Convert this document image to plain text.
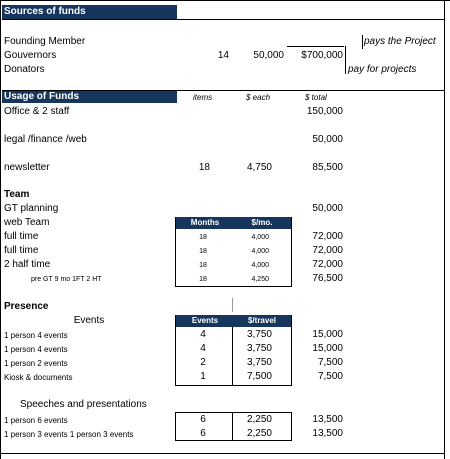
Sources of funds
Founding Member	pays the Project
Gouvernors	14	50,000	$700,000
Donators	pay for projects
Usage of Funds	items	$ each	$ total
Office & 2 staff	150,000
legal /finance /web	50,000
newsletter	18	4,750	85,500
Team
GT planning	50,000
web Team	Months	$/mo.
full time	18	4,000	72,000
full time	18	4,000	72,000
2 half time	18	4,000	72,000
pre GT 9 mo 1FT 2 HT	18	4,250	76,500
Presence
Events	Events	$/travel
1 person 4 events	4	3,750	15,000
1 person 4 events	4	3,750	15,000
1 person 2 events	2	3,750	7,500
Kiosk & documents	1	7,500	7,500
Speeches and presentations
1 person 6 events	6	2,250	13,500
1 person 3 events 1 person 3 events	6	2,250	13,500
